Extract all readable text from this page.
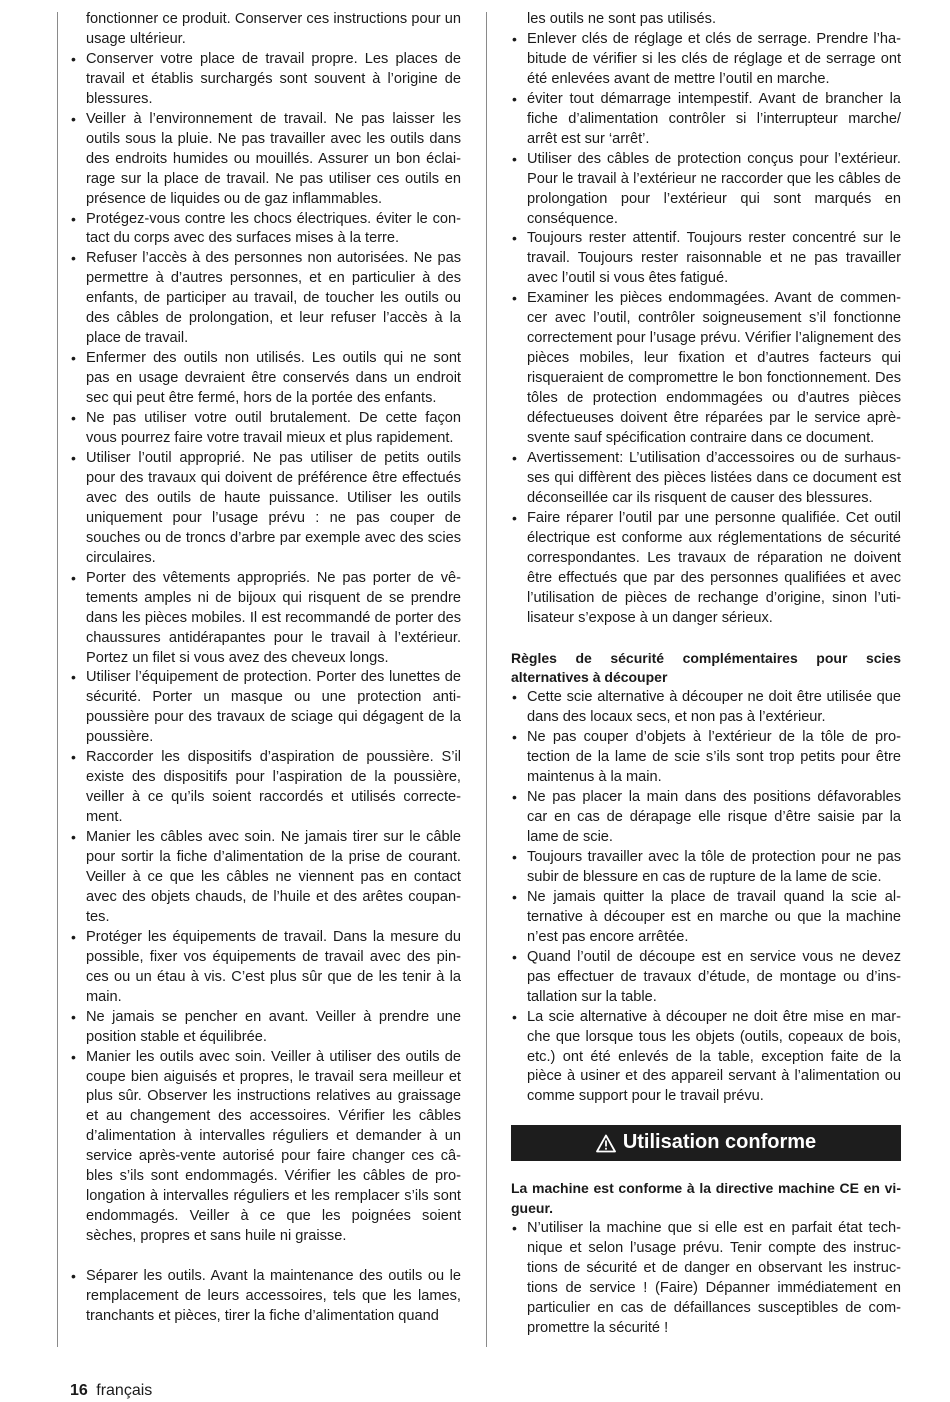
fonctionner ce produit. Conserver ces instructions pour un usage ultérieur.

• Conserver votre place de travail propre. Les places de travail et établis surchargés sont souvent à l’origine de blessures.
• Veiller à l’environnement de travail. Ne pas laisser les outils sous la pluie. Ne pas travailler avec les outils dans des endroits humides ou mouillés. Assurer un bon éclairage sur la place de travail. Ne pas utiliser ces outils en présence de liquides ou de gaz inflammables.
• Protégez-vous contre les chocs électriques. éviter le contact du corps avec des surfaces mises à la terre.
• Refuser l’accès à des personnes non autorisées. Ne pas permettre à d’autres personnes, et en particulier à des enfants, de participer au travail, de toucher les outils ou des câbles de prolongation, et leur refuser l’accès à la place de travail.
• Enfermer des outils non utilisés. Les outils qui ne sont pas en usage devraient être conservés dans un endroit sec qui peut être fermé, hors de la portée des enfants.
• Ne pas utiliser votre outil brutalement. De cette façon vous pourrez faire votre travail mieux et plus rapidement.
• Utiliser l’outil approprié. Ne pas utiliser de petits outils pour des travaux qui doivent de préférence être effectués avec des outils de haute puissance. Utiliser les outils uniquement pour l’usage prévu : ne pas couper de souches ou de troncs d’arbre par exemple avec des scies circulaires.
• Porter des vêtements appropriés. Ne pas porter de vêtements amples ni de bijoux qui risquent de se prendre dans les pièces mobiles. Il est recommandé de porter des chaussures antidérapantes pour le travail à l’extérieur. Portez un filet si vous avez des cheveux longs.
• Utiliser l’équipement de protection. Porter des lunettes de sécurité. Porter un masque ou une protection antipoussière pour des travaux de sciage qui dégagent de la poussière.
• Raccorder les dispositifs d’aspiration de poussière. S’il existe des dispositifs pour l’aspiration de la poussière, veiller à ce qu’ils soient raccordés et utilisés correctement.
• Manier les câbles avec soin. Ne jamais tirer sur le câble pour sortir la fiche d’alimentation de la prise de courant. Veiller à ce que les câbles ne viennent pas en contact avec des objets chauds, de l’huile et des arêtes coupantes.
• Protéger les équipements de travail. Dans la mesure du possible, fixer vos équipements de travail avec des pinces ou un étau à vis. C’est plus sûr que de les tenir à la main.
• Ne jamais se pencher en avant. Veiller à prendre une position stable et équilibrée.
• Manier les outils avec soin. Veiller à utiliser des outils de coupe bien aiguisés et propres, le travail sera meilleur et plus sûr. Observer les instructions relatives au graissage et au changement des accessoires. Vérifier les câbles d’alimentation à intervalles réguliers et demander à un service après-vente autorisé pour faire changer ces câbles s’ils sont endommagés. Vérifier les câbles de prolongation à intervalles réguliers et les remplacer s’ils sont endommagés. Veiller à ce que les poignées soient sèches, propres et sans huile ni graisse.
• Séparer les outils. Avant la maintenance des outils ou le remplacement de leurs accessoires, tels que les lames, tranchants et pièces, tirer la fiche d’alimentation quand

les outils ne sont pas utilisés.

• Enlever clés de réglage et clés de serrage. Prendre l’habitude de vérifier si les clés de réglage et de serrage ont été enlevées avant de mettre l’outil en marche.
• éviter tout démarrage intempestif. Avant de brancher la fiche d’alimentation contrôler si l’interrupteur marche/ arrêt est sur ‘arrêt’.
• Utiliser des câbles de protection conçus pour l’extérieur. Pour le travail à l’extérieur ne raccorder que les câbles de prolongation pour l’extérieur qui sont marqués en conséquence.
• Toujours rester attentif. Toujours rester concentré sur le travail. Toujours rester raisonnable et ne pas travailler avec l’outil si vous êtes fatigué.
• Examiner les pièces endommagées. Avant de commencer avec l’outil, contrôler soigneusement s’il fonctionne correctement pour l’usage prévu. Vérifier l’alignement des pièces mobiles, leur fixation et d’autres facteurs qui risqueraient de compromettre le bon fonctionnement. Des tôles de protection endommagées ou d’autres pièces défectueuses doivent être réparées par le service aprèsvente sauf spécification contraire dans ce document.
• Avertissement: L’utilisation d’accessoires ou de surhausses qui diffèrent des pièces listées dans ce document est déconseillée car ils risquent de causer des blessures.
• Faire réparer l’outil par une personne qualifiée. Cet outil électrique est conforme aux réglementations de sécurité correspondantes. Les travaux de réparation ne doivent être effectués que par des personnes qualifiées et avec l’utilisation de pièces de rechange d’origine, sinon l’utilisateur s’expose à un danger sérieux.
Règles de sécurité complémentaires pour scies alternatives à découper
• Cette scie alternative à découper ne doit être utilisée que dans des locaux secs, et non pas à l’extérieur.
• Ne pas couper d’objets à l’extérieur de la tôle de protection de la lame de scie s’ils sont trop petits pour être maintenus à la main.
• Ne pas placer la main dans des positions défavorables car en cas de dérapage elle risque d’être saisie par la lame de scie.
• Toujours travailler avec la tôle de protection pour ne pas subir de blessure en cas de rupture de la lame de scie.
• Ne jamais quitter la place de travail quand la scie alternative à découper est en marche ou que la machine n’est pas encore arrêtée.
• Quand l’outil de découpe est en service vous ne devez pas effectuer de travaux d’étude, de montage ou d’installation sur la table.
• La scie alternative à découper ne doit être mise en marche que lorsque tous les objets (outils, copeaux de bois, etc.) ont été enlevés de la table, exception faite de la pièce à usiner et des appareil servant à l’alimentation ou comme support pour le travail prévu.
Utilisation conforme
La machine est conforme à la directive machine CE en vigueur.
• N’utiliser la machine que si elle est en parfait état technique et selon l’usage prévu. Tenir compte des instructions de sécurité et de danger en observant les instructions de service ! (Faire) Dépanner immédiatement en particulier en cas de défaillances susceptibles de compromettre la sécurité !
16 français
